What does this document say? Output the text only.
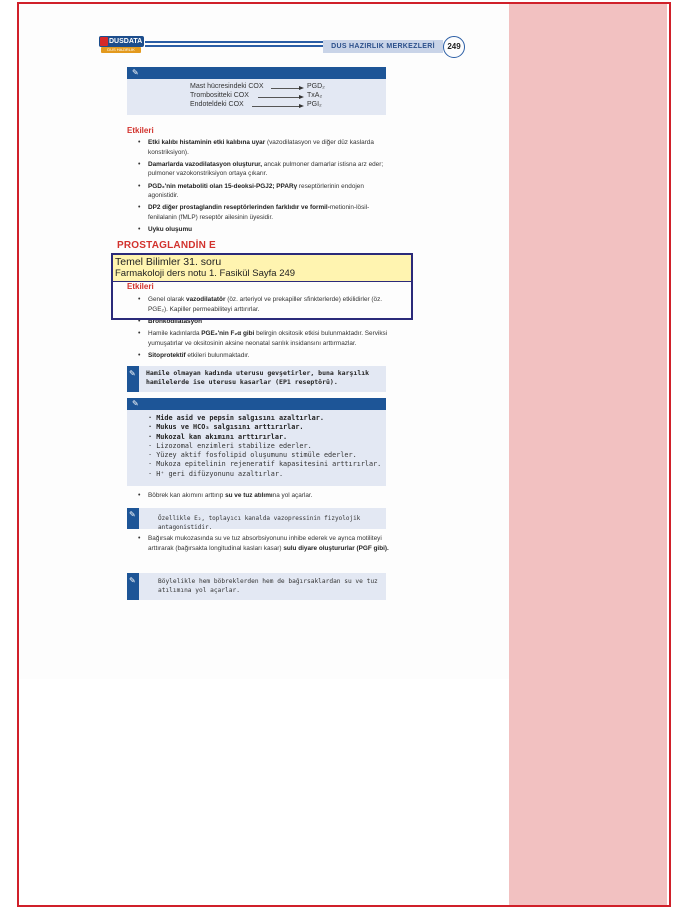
DUSDATA
DUS HAZIRLIK MERKEZLERİ
DUS HAZIRLIK MERKEZLERİ	249
✎
Mast hücresindeki COX	PGD₂
Trombositteki COX	TxA₂
Endoteldeki COX	PGI₂
Etkileri
• Etki kalıbı histaminin etki kalıbına uyar (vazodilatasyon ve diğer düz kaslarda konstriksiyon).
• Damarlarda vazodilatasyon oluşturur, ancak pulmoner damarlar istisna arz eder; pulmoner vazokonstriksiyon ortaya çıkarır.
• PGD₂'nin metaboliti olan 15-deoksi-PGJ2; PPARγ reseptörlerinin endojen agonistidir.
• DP2 diğer prostaglandin reseptörlerinden farklıdır ve formil-metionin-lösil-fenilalanin (fMLP) reseptör ailesinin üyesidir.
• Uyku oluşumu
PROSTAGLANDİN E
Etkileri
• Genel olarak vazodilatatör (öz. arteriyol ve prekapiller sfinkterlerde) etkilidirler (öz. PGE₂). Kapiller permeabiliteyi arttırırlar.
• Bronkodilatasyon
• Hamile kadınlarda PGE₂'nin F₂α gibi belirgin oksitosik etkisi bulunmaktadır. Serviksi yumuşatırlar ve oksitosinin aksine neonatal sarılık insidansını arttırmazlar.
• Sitoprotektif etkileri bulunmaktadır.
Temel Bilimler 31. soru
Farmakoloji ders notu 1. Fasikül Sayfa 249
✎ Hamile olmayan kadında uterusu gevşetirler, buna karşılık hamilelerde ise uterusu kasarlar (EP1 reseptörü).
✎
· Mide asid ve pepsin salgısını azaltırlar.
· Mukus ve HCO₃ salgısını arttırırlar.
· Mukozal kan akımını arttırırlar.
· Lizozomal enzimleri stabilize ederler.
· Yüzey aktif fosfolipid oluşumunu stimüle ederler.
· Mukoza epitelinin rejeneratif kapasitesini arttırırlar.
· H⁺ geri difüzyonunu azaltırlar.
• Böbrek kan akımını arttırıp su ve tuz atılımına yol açarlar.
✎	Özellikle E₂, toplayıcı kanalda vazopressinin fizyolojik antagonistidir.
• Bağırsak mukozasında su ve tuz absorbsiyonunu inhibe ederek ve ayrıca motiliteyi arttırarak (bağırsakta longitudinal kasları kasar) sulu diyare oluştururlar (PGF gibi).
✎	Böylelikle hem böbreklerden hem de bağırsaklardan su ve tuz atılımına yol açarlar.
